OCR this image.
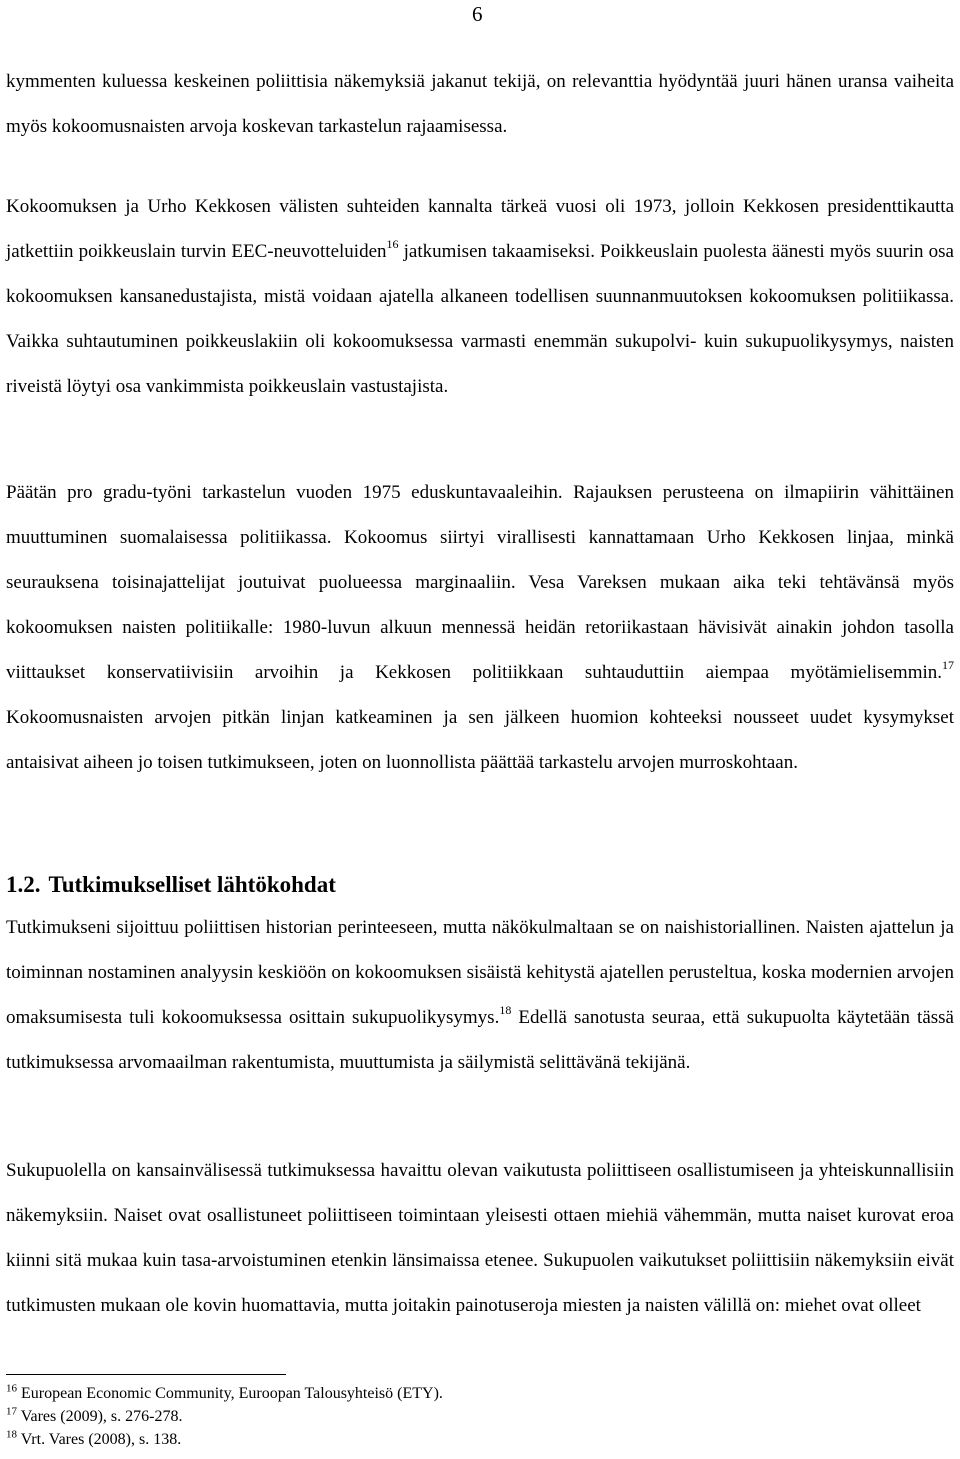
6

kymmenten kuluessa keskeinen poliittisia näkemyksiä jakanut tekijä, on relevanttia hyödyntää juuri hänen uransa vaiheita myös kokoomusnaisten arvoja koskevan tarkastelun rajaamisessa.

Kokoomuksen ja Urho Kekkosen välisten suhteiden kannalta tärkeä vuosi oli 1973, jolloin Kekkosen presidenttikautta jatkettiin poikkeuslain turvin EEC-neuvotteluiden$^{16}$ jatkumisen takaamiseksi. Poikkeuslain puolesta äänesti myös suurin osa kokoomuksen kansanedustajista, mistä voidaan ajatella alkaneen todellisen suunnanmuutoksen kokoomuksen politiikassa. Vaikka suhtautuminen poikkeuslakiin oli kokoomuksessa varmasti enemmän sukupolvi- kuin sukupuolikysymys, naisten riveistä löytyi osa vankimmista poikkeuslain vastustajista.

Päätän pro gradu-työni tarkastelun vuoden 1975 eduskuntavaaleihin. Rajauksen perusteena on ilmapiirin vähittäinen muuttuminen suomalaisessa politiikassa. Kokoomus siirtyi virallisesti kannattamaan Urho Kekkosen linjaa, minkä seurauksena toisinajattelijat joutuivat puolueessa marginaaliin. Vesa Vareksen mukaan aika teki tehtävänsä myös kokoomuksen naisten politiikalle: 1980-luvun alkuun mennessä heidän retoriikastaan hävisivät ainakin johdon tasolla viittaukset konservatiivisiin arvoihin ja Kekkosen politiikkaan suhtauduttiin aiempaa myötämielisemmin.$^{17}$ Kokoomusnaisten arvojen pitkän linjan katkeaminen ja sen jälkeen huomion kohteeksi nousseet uudet kysymykset antaisivat aiheen jo toisen tutkimukseen, joten on luonnollista päättää tarkastelu arvojen murroskohtaan.

1.2. Tutkimukselliset lähtökohdat

Tutkimukseni sijoittuu poliittisen historian perinteeseen, mutta näkökulmaltaan se on naishistoriallinen. Naisten ajattelun ja toiminnan nostaminen analyysin keskiöön on kokoomuksen sisäistä kehitystä ajatellen perusteltua, koska modernien arvojen omaksumisesta tuli kokoomuksessa osittain sukupuolikysymys.$^{18}$ Edellä sanotusta seuraa, että sukupuolta käytetään tässä tutkimuksessa arvomaailman rakentumista, muuttumista ja säilymistä selittävänä tekijänä.

Sukupuolella on kansainvälisessä tutkimuksessa havaittu olevan vaikutusta poliittiseen osallistumiseen ja yhteiskunnallisiin näkemyksiin. Naiset ovat osallistuneet poliittiseen toimintaan yleisesti ottaen miehiä vähemmän, mutta naiset kurovat eroa kiinni sitä mukaa kuin tasa-arvoistuminen etenkin länsimaissa etenee. Sukupuolen vaikutukset poliittisiin näkemyksiin eivät tutkimusten mukaan ole kovin huomattavia, mutta joitakin painotuseroja miesten ja naisten välillä on: miehet ovat olleet

$^{16}$ European Economic Community, Euroopan Talousyhteisö (ETY).
$^{17}$ Vares (2009), s. 276-278.
$^{18}$ Vrt. Vares (2008), s. 138.
